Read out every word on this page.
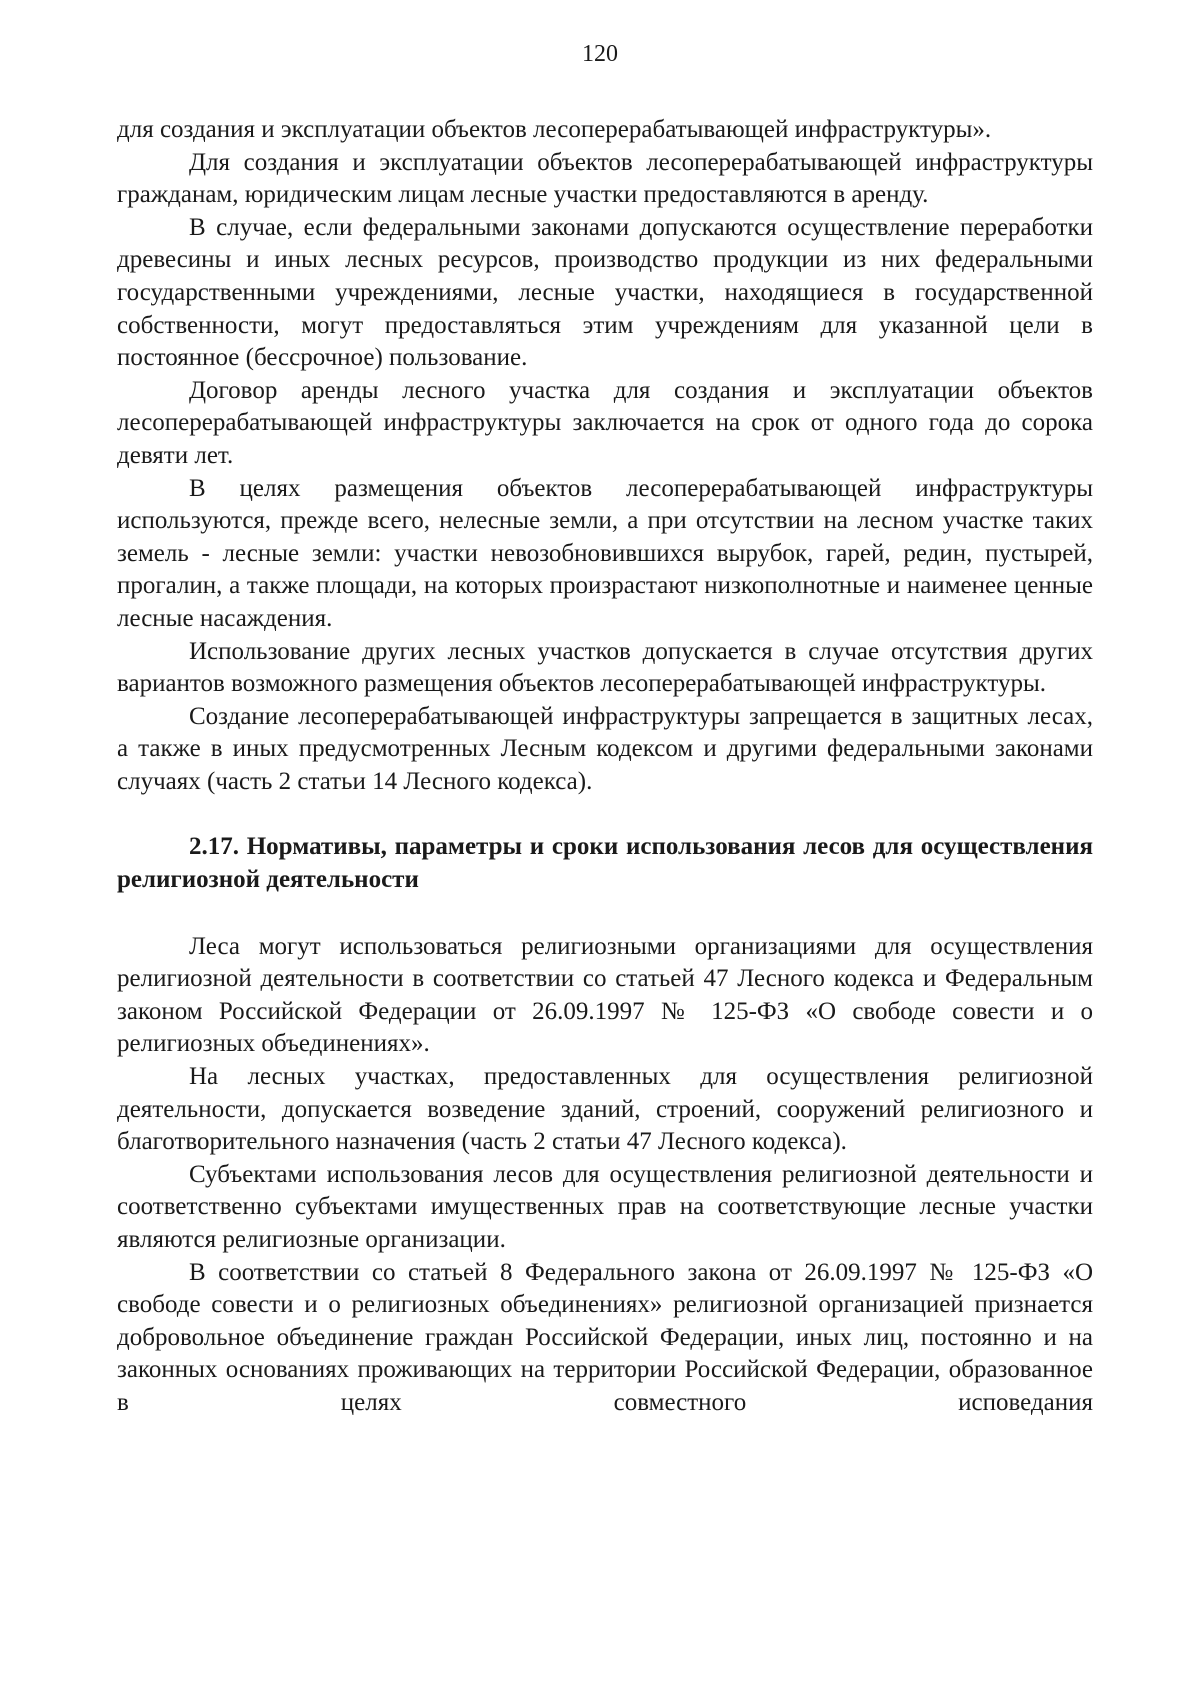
120

для создания и эксплуатации объектов лесоперерабатывающей инфраструктуры».

Для создания и эксплуатации объектов лесоперерабатывающей инфраструктуры гражданам, юридическим лицам лесные участки предоставляются в аренду.

В случае, если федеральными законами допускаются осуществление переработки древесины и иных лесных ресурсов, производство продукции из них федеральными государственными учреждениями, лесные участки, находящиеся в государственной собственности, могут предоставляться этим учреждениям для указанной цели в постоянное (бессрочное) пользование.

Договор аренды лесного участка для создания и эксплуатации объектов лесоперерабатывающей инфраструктуры заключается на срок от одного года до сорока девяти лет.

В целях размещения объектов лесоперерабатывающей инфраструктуры используются, прежде всего, нелесные земли, а при отсутствии на лесном участке таких земель - лесные земли: участки невозобновившихся вырубок, гарей, редин, пустырей, прогалин, а также площади, на которых произрастают низкополнотные и наименее ценные лесные насаждения.

Использование других лесных участков допускается в случае отсутствия других вариантов возможного размещения объектов лесоперерабатывающей инфраструктуры.

Создание лесоперерабатывающей инфраструктуры запрещается в защитных лесах, а также в иных предусмотренных Лесным кодексом и другими федеральными законами случаях (часть 2 статьи 14 Лесного кодекса).

2.17. Нормативы, параметры и сроки использования лесов для осуществления религиозной деятельности

Леса могут использоваться религиозными организациями для осуществления религиозной деятельности в соответствии со статьей 47 Лесного кодекса и Федеральным законом Российской Федерации от 26.09.1997 № 125-ФЗ «О свободе совести и о религиозных объединениях».

На лесных участках, предоставленных для осуществления религиозной деятельности, допускается возведение зданий, строений, сооружений религиозного и благотворительного назначения (часть 2 статьи 47 Лесного кодекса).

Субъектами использования лесов для осуществления религиозной деятельности и соответственно субъектами имущественных прав на соответствующие лесные участки являются религиозные организации.

В соответствии со статьей 8 Федерального закона от 26.09.1997 № 125-ФЗ «О свободе совести и о религиозных объединениях» религиозной организацией признается добровольное объединение граждан Российской Федерации, иных лиц, постоянно и на законных основаниях проживающих на территории Российской Федерации, образованное в целях совместного исповедания
